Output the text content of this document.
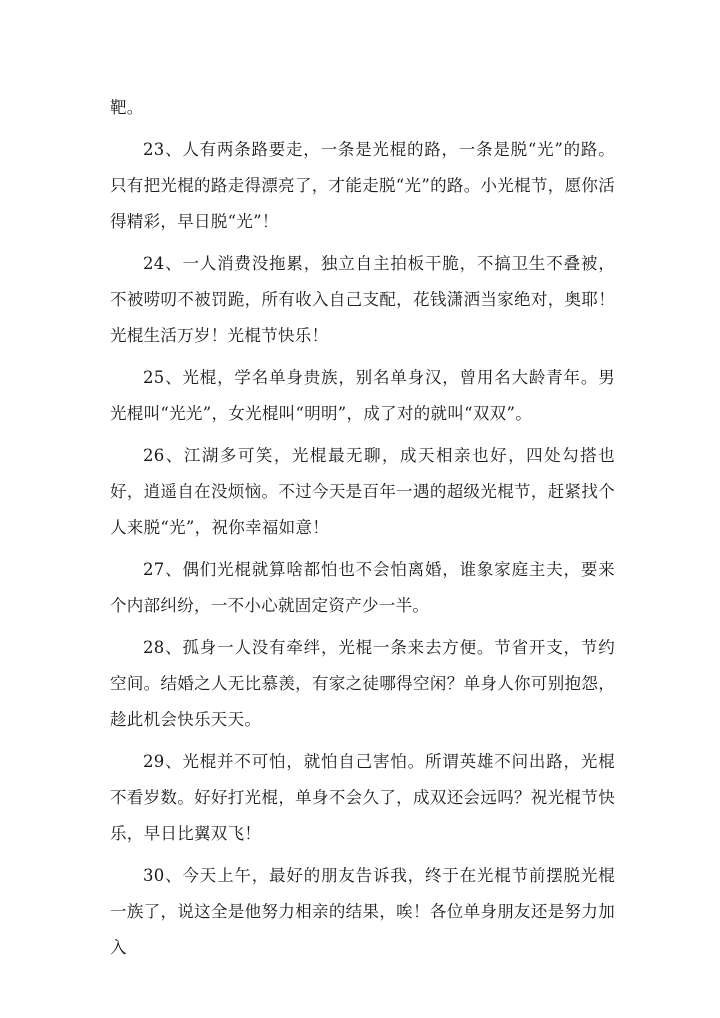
靶。

23、人有两条路要走，一条是光棍的路，一条是脱“光”的路。只有把光棍的路走得漂亮了，才能走脱“光”的路。小光棍节，愿你活得精彩，早日脱“光”！

24、一人消费没拖累，独立自主拍板干脆，不搞卫生不叠被，不被唠叨不被罚跪，所有收入自己支配，花钱潇洒当家绝对，奥耶！光棍生活万岁！光棍节快乐！

25、光棍，学名单身贵族，别名单身汉，曾用名大龄青年。男光棍叫“光光”，女光棍叫“明明”，成了对的就叫“双双”。

26、江湖多可笑，光棍最无聊，成天相亲也好，四处勾搭也好，逍遥自在没烦恼。不过今天是百年一遇的超级光棍节，赶紧找个人来脱“光”，祝你幸福如意！

27、偶们光棍就算啥都怕也不会怕离婚，谁象家庭主夫，要来个内部纠纷，一不小心就固定资产少一半。

28、孤身一人没有牵绊，光棍一条来去方便。节省开支，节约空间。结婚之人无比慕羡，有家之徒哪得空闲？单身人你可别抱怨，趁此机会快乐天天。

29、光棍并不可怕，就怕自己害怕。所谓英雄不问出路，光棍不看岁数。好好打光棍，单身不会久了，成双还会远吗？祝光棍节快乐，早日比翼双飞！

30、今天上午，最好的朋友告诉我，终于在光棍节前摆脱光棍一族了，说这全是他努力相亲的结果，唉！各位单身朋友还是努力加入
